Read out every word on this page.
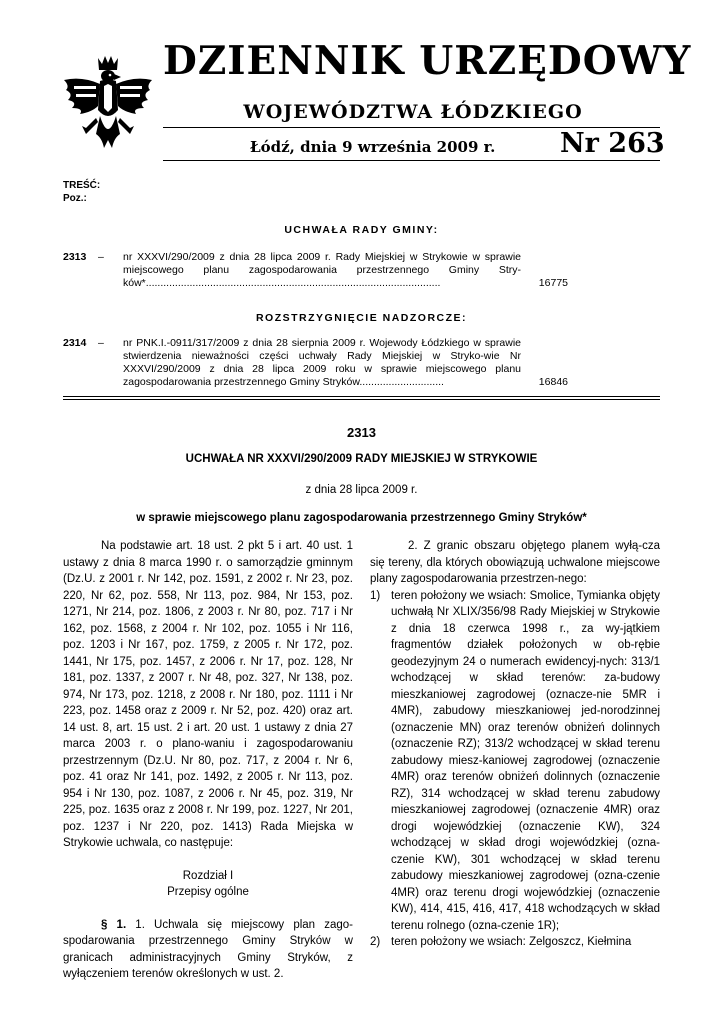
DZIENNIK URZĘDOWY
WOJEWÓDZTWA ŁÓDZKIEGO
Łódź, dnia 9 września 2009 r. Nr 263
TREŚĆ:
Poz.:
UCHWAŁA RADY GMINY:
2313 – nr XXXVI/290/2009 z dnia 28 lipca 2009 r. Rady Miejskiej w Strykowie w sprawie miejscowego planu zagospodarowania przestrzennego Gminy Stry-ków*.....................................................................................................	16775
ROZSTRZYGNIĘCIE NADZORCZE:
2314 – nr PNK.I.-0911/317/2009 z dnia 28 sierpnia 2009 r. Wojewody Łódzkiego w sprawie stwierdzenia nieważności części uchwały Rady Miejskiej w Stryko-wie Nr XXXVI/290/2009 z dnia 28 lipca 2009 roku w sprawie miejscowego planu zagospodarowania przestrzennego Gminy Stryków.............................	16846
2313
UCHWAŁA NR XXXVI/290/2009 RADY MIEJSKIEJ W STRYKOWIE
z dnia 28 lipca 2009 r.
w sprawie miejscowego planu zagospodarowania przestrzennego Gminy Stryków*

Na podstawie art. 18 ust. 2 pkt 5 i art. 40 ust. 1 ustawy z dnia 8 marca 1990 r. o samorządzie gminnym (Dz.U. z 2001 r. Nr 142, poz. 1591, z 2002 r. Nr 23, poz. 220, Nr 62, poz. 558, Nr 113, poz. 984, Nr 153, poz. 1271, Nr 214, poz. 1806, z 2003 r. Nr 80, poz. 717 i Nr 162, poz. 1568, z 2004 r. Nr 102, poz. 1055 i Nr 116, poz. 1203 i Nr 167, poz. 1759, z 2005 r. Nr 172, poz. 1441, Nr 175, poz. 1457, z 2006 r. Nr 17, poz. 128, Nr 181, poz. 1337, z 2007 r. Nr 48, poz. 327, Nr 138, poz. 974, Nr 173, poz. 1218, z 2008 r. Nr 180, poz. 1111 i Nr 223, poz. 1458 oraz z 2009 r. Nr 52, poz. 420) oraz art. 14 ust. 8, art. 15 ust. 2 i art. 20 ust. 1 ustawy z dnia 27 marca 2003 r. o plano-waniu i zagospodarowaniu przestrzennym (Dz.U. Nr 80, poz. 717, z 2004 r. Nr 6, poz. 41 oraz Nr 141, poz. 1492, z 2005 r. Nr 113, poz. 954 i Nr 130, poz. 1087, z 2006 r. Nr 45, poz. 319, Nr 225, poz. 1635 oraz z 2008 r. Nr 199, poz. 1227, Nr 201, poz. 1237 i Nr 220, poz. 1413) Rada Miejska w Strykowie uchwala, co następuje:

Rozdział I

Przepisy ogólne

§ 1. 1. Uchwala się miejscowy plan zago-spodarowania przestrzennego Gminy Stryków w granicach administracyjnych Gminy Stryków, z wyłączeniem terenów określonych w ust. 2.

2. Z granic obszaru objętego planem wyłą-cza się tereny, dla których obowiązują uchwalone miejscowe plany zagospodarowania przestrzen-nego:

1) teren położony we wsiach: Smolice, Tymianka objęty uchwałą Nr XLIX/356/98 Rady Miejskiej w Strykowie z dnia 18 czerwca 1998 r., za wy-jątkiem fragmentów działek położonych w ob-rębie geodezyjnym 24 o numerach ewidencyj-nych: 313/1 wchodzącej w skład terenów: za-budowy mieszkaniowej zagrodowej (oznacze-nie 5MR i 4MR), zabudowy mieszkaniowej jed-norodzinnej (oznaczenie MN) oraz terenów obniżeń dolinnych (oznaczenie RZ); 313/2 wchodzącej w skład terenu zabudowy miesz-kaniowej zagrodowej (oznaczenie 4MR) oraz terenów obniżeń dolinnych (oznaczenie RZ), 314 wchodzącej w skład terenu zabudowy mieszkaniowej zagrodowej (oznaczenie 4MR) oraz drogi wojewódzkiej (oznaczenie KW), 324 wchodzącej w skład drogi wojewódzkiej (ozna-czenie KW), 301 wchodzącej w skład terenu zabudowy mieszkaniowej zagrodowej (ozna-czenie 4MR) oraz terenu drogi wojewódzkiej (oznaczenie KW), 414, 415, 416, 417, 418 wchodzących w skład terenu rolnego (ozna-czenie 1R);
2) teren położony we wsiach: Zelgoszcz, Kiełmina
